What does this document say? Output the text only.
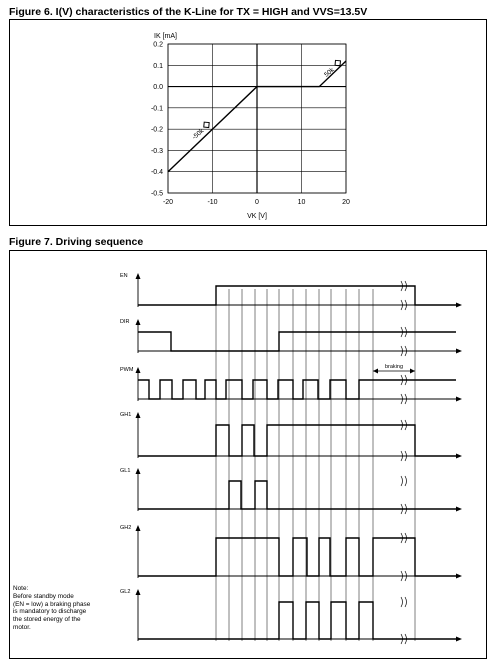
Figure 6. I(V) characteristics of the K-Line for TX = HIGH and VVS=13.5V
-20	-10	0	10	20
0.2
0.1
0.0
-0.1
-0.2
-0.3
-0.4
-0.5
IK [mA]
VK [V]
-50k
50k
Figure 7. Driving sequence
EN
DIR
PWM
GH1
GL1
GH2
GL2
braking
Note:
Before standby mode
(EN = low) a braking phase
is mandatory to discharge
the stored energy of the
motor.
